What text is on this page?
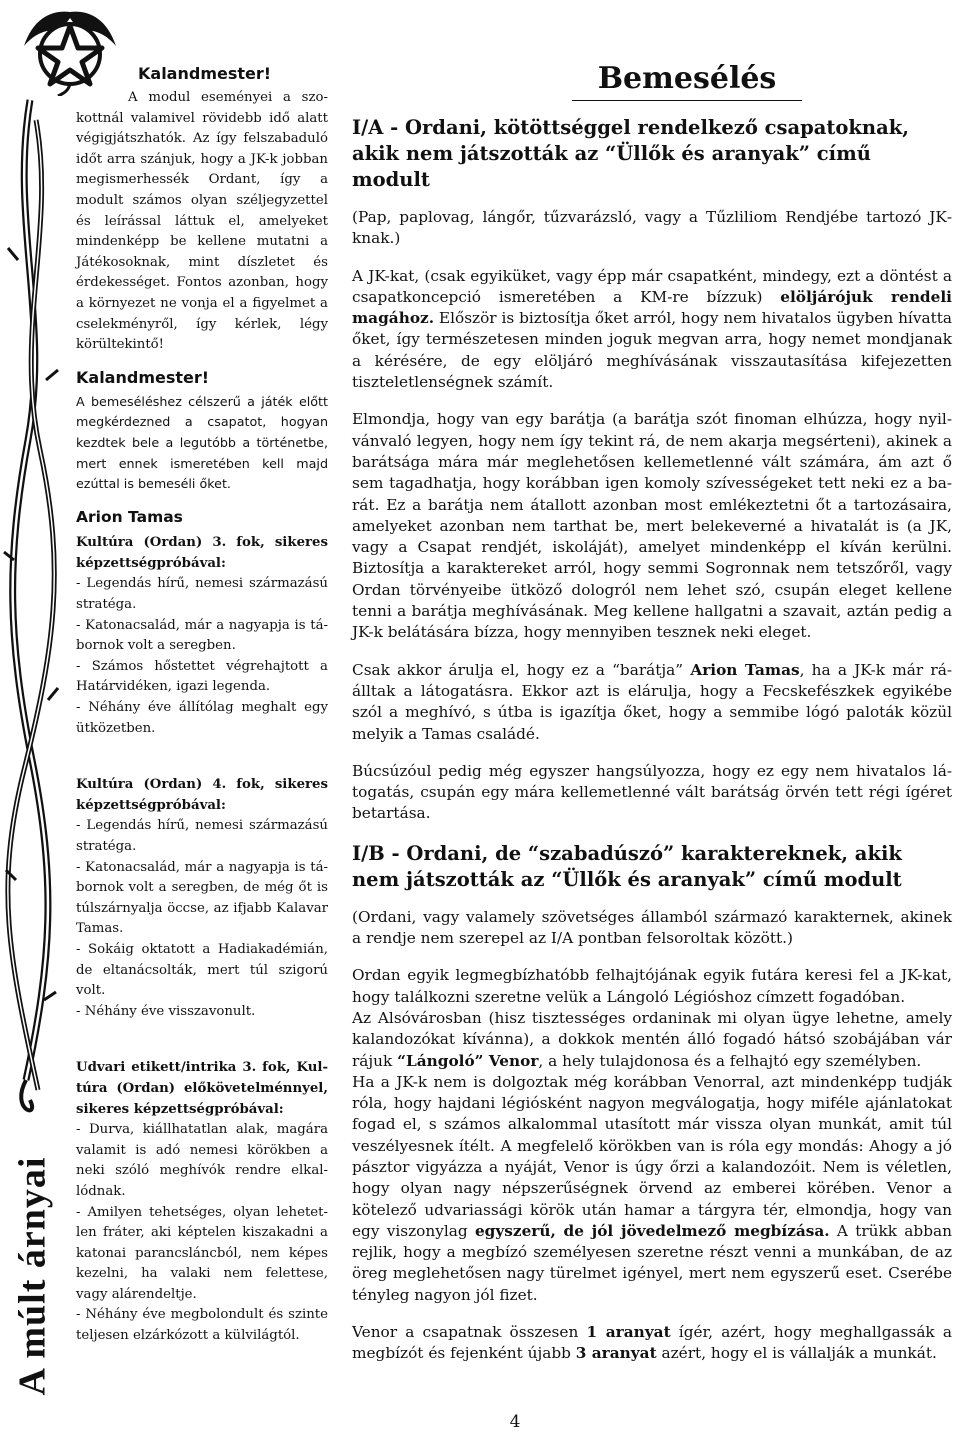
A múlt árnyai
Kalandmester!

A modul eseményei a szokottnál valamivel rövidebb idő alatt végigjátszhatók. Az így felszabaduló időt arra szánjuk, hogy a JK-k jobban megismerhessék Ordant, így a modult számos olyan széljegyzettel és leírással láttuk el, amelyeket mindenképp be kellene mutatni a Játékosoknak, mint díszletet és érdekességet. Fontos azonban, hogy a környezet ne vonja el a figyelmet a cselekményről, így kérlek, légy körültekintő!

Kalandmester!

A bemeséléshez célszerű a játék előtt megkérdezned a csapatot, hogyan kezdtek bele a legutóbb a történetbe, mert ennek ismeretében kell majd ezúttal is bemeséli őket.

Arion Tamas
Kultúra (Ordan) 3. fok, sikeres képzettségpróbával:
- Legendás hírű, nemesi származású stratéga.
- Katonacsalád, már a nagyapja is tábornok volt a seregben.
- Számos hőstettet végrehajtott a Határvidéken, igazi legenda.
- Néhány éve állítólag meghalt egy ütközetben.
Kultúra (Ordan) 4. fok, sikeres képzettségpróbával:
- Legendás hírű, nemesi származású stratéga.
- Katonacsalád, már a nagyapja is tábornok volt a seregben, de még őt is túlszárnyalja öccse, az ifjabb Kalavar Tamas.
- Sokáig oktatott a Hadiakadémián, de eltanácsolták, mert túl szigorú volt.
- Néhány éve visszavonult.
Udvari etikett/intrika 3. fok, Kultúra (Ordan) előkövetelménnyel, sikeres képzettségpróbával:
- Durva, kiállhatatlan alak, magára valamit is adó nemesi körökben a neki szóló meghívók rendre elkallódnak.
- Amilyen tehetséges, olyan lehetetlen fráter, aki képtelen kiszakadni a katonai parancsláncból, nem képes kezelni, ha valaki nem felettese, vagy alárendeltje.
- Néhány éve megbolondult és szinte teljesen elzárkózott a külvilágtól.
Bemesélés
I/A - Ordani, kötöttséggel rendelkező csapatoknak, akik nem játszották az “Üllők és aranyak” című modult

(Pap, paplovag, lángőr, tűzvarázsló, vagy a Tűzliliom Rendjébe tartozó JKknak.)

A JK-kat, (csak egyiküket, vagy épp már csapatként, mindegy, ezt a döntést a csapatkoncepció ismeretében a KM-re bízzuk) elöljárójuk rendeli magához. Először is biztosítja őket arról, hogy nem hivatalos ügyben hívatta őket, így természetesen minden joguk megvan arra, hogy nemet mondjanak a kérésére, de egy elöljáró meghívásának visszautasítása kifejezetten tiszteletlenségnek számít.

Elmondja, hogy van egy barátja (a barátja szót finoman elhúzza, hogy nyilvánvaló legyen, hogy nem így tekint rá, de nem akarja megsérteni), akinek a barátsága mára már meglehetősen kellemetlenné vált számára, ám azt ő sem tagadhatja, hogy korábban igen komoly szívességeket tett neki ez a barát. Ez a barátja nem átallott azonban most emlékeztetni őt a tartozásaira, amelyeket azonban nem tarthat be, mert belekeverné a hivatalát is (a JK, vagy a Csapat rendjét, iskoláját), amelyet mindenképp el kíván kerülni. Biztosítja a karaktereket arról, hogy semmi Sogronnak nem tetszőről, vagy Ordan törvényeibe ütköző dologról nem lehet szó, csupán eleget kellene tenni a barátja meghívásának. Meg kellene hallgatni a szavait, aztán pedig a JK-k belátására bízza, hogy mennyiben tesznek neki eleget.

Csak akkor árulja el, hogy ez a “barátja” Arion Tamas, ha a JK-k már ráálltak a látogatásra. Ekkor azt is elárulja, hogy a Fecskefészkek egyikébe szól a meghívó, s útba is igazítja őket, hogy a semmibe lógó paloták közül melyik a Tamas családé.

Búcsúzóul pedig még egyszer hangsúlyozza, hogy ez egy nem hivatalos látogatás, csupán egy mára kellemetlenné vált barátság örvén tett régi ígéret betartása.

I/B - Ordani, de “szabadúszó” karaktereknek, akik nem játszották az “Üllők és aranyak” című modult

(Ordani, vagy valamely szövetséges államból származó karakternek, akinek a rendje nem szerepel az I/A pontban felsoroltak között.)

Ordan egyik legmegbízhatóbb felhajtójának egyik futára keresi fel a JK-kat, hogy találkozni szeretne velük a Lángoló Légióshoz címzett fogadóban.

Az Alsóvárosban (hisz tisztességes ordaninak mi olyan ügye lehetne, amely kalandozókat kívánna), a dokkok mentén álló fogadó hátsó szobájában vár rájuk “Lángoló” Venor, a hely tulajdonosa és a felhajtó egy személyben.

Ha a JK-k nem is dolgoztak még korábban Venorral, azt mindenképp tudják róla, hogy hajdani légiósként nagyon megválogatja, hogy miféle ajánlatokat fogad el, s számos alkalommal utasított már vissza olyan munkát, amit túl veszélyesnek ítélt. A megfelelő körökben van is róla egy mondás: Ahogy a jó pásztor vigyázza a nyáját, Venor is úgy őrzi a kalandozóit. Nem is véletlen, hogy olyan nagy népszerűségnek örvend az emberei körében. Venor a kötelező udvariassági körök után hamar a tárgyra tér, elmondja, hogy van egy viszonylag egyszerű, de jól jövedelmező megbízása. A trükk abban rejlik, hogy a megbízó személyesen szeretne részt venni a munkában, de az öreg meglehetősen nagy türelmet igényel, mert nem egyszerű eset. Cserébe tényleg nagyon jól fizet.

Venor a csapatnak összesen 1 aranyat ígér, azért, hogy meghallgassák a megbízót és fejenként újabb 3 aranyat azért, hogy el is vállalják a munkát.

4
